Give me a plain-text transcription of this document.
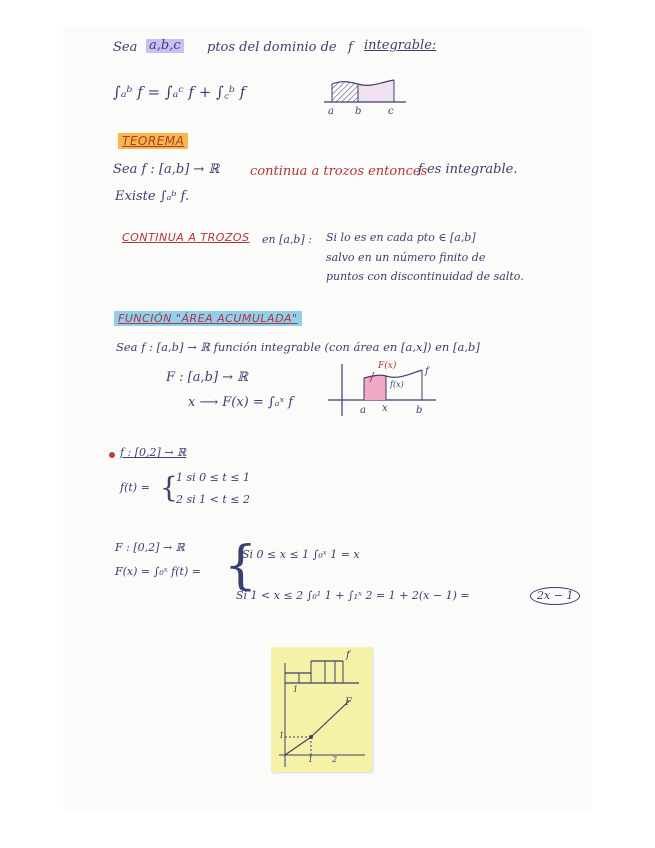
Sea a,b,c ptos del dominio de f integrable:
∫ₐᵇ f = ∫ₐᶜ f + ∫꜀ᵇ f
a b	c
TEOREMA
Sea f : [a,b] → ℝ continua a trozos entonces
f es integrable.
Existe ∫ₐᵇ f.
CONTINUA A TROZOS	en [a,b] : Si lo es en cada pto ∈ [a,b]
salvo en un número finito de
puntos con discontinuidad de salto.
FUNCIÓN "ÁREA ACUMULADA"
Sea f : [a,b] → ℝ función integrable (con área en [a,x]) en [a,b]
F : [a,b] → ℝ
x ⟶ F(x) = ∫ₐˣ f
F(x)
f(x)
f
a x	b
f : [0,2] → ℝ
f(t) = {
1 si 0 ≤ t ≤ 1
2 si 1 < t ≤ 2
F : [0,2] → ℝ
F(x) = ∫₀ˣ f(t) = {
Si 0 ≤ x ≤ 1 ∫₀ˣ 1 = x
Si 1 < x ≤ 2 ∫₀¹ 1 + ∫₁ˣ 2 = 1 + 2(x − 1) =	2x − 1
f
F
1 2
1
1
